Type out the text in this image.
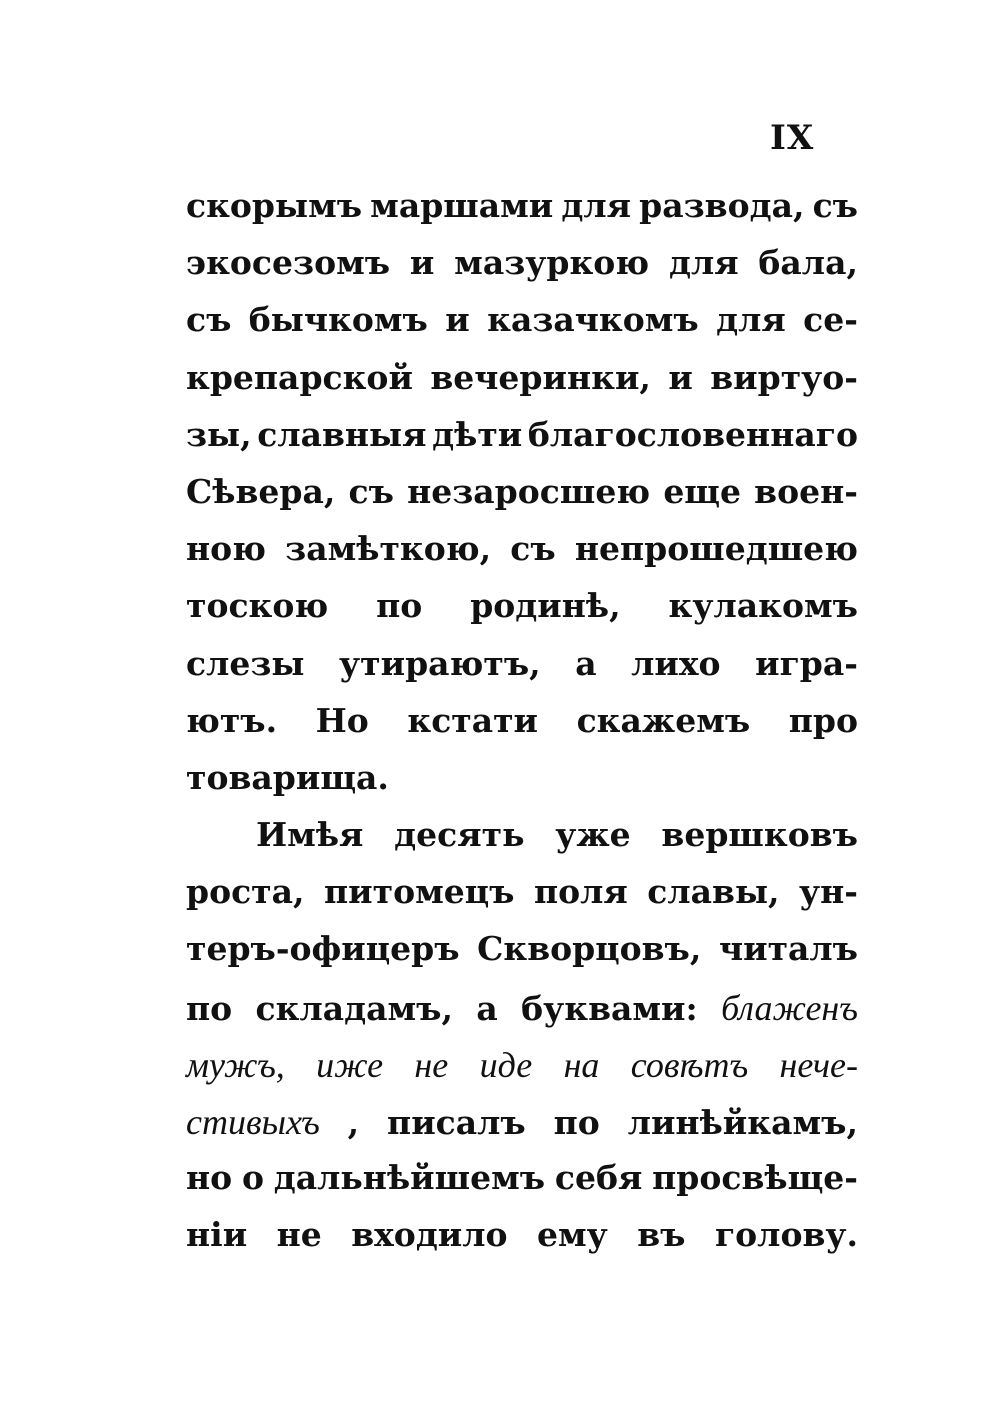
IX
скорымъ маршами для развода, съ
экосезомъ и мазуркою для бала,
съ бычкомъ и казачкомъ для се-
крепарской вечеринки, и виртуо-
зы, славныя дѣти благословеннаго
Сѣвера, съ незаросшею еще воен-
ною замѣткою, съ непрошедшею
тоскою по родинѣ, кулакомъ
слезы утираютъ, а лихо игра-
ютъ. Но кстати скажемъ про
товарища.
Имѣя десять уже вершковъ
роста, питомецъ поля славы, ун-
теръ-офицеръ Скворцовъ, читалъ
по складамъ, а буквами: блаженъ
мужъ, иже не иде на совѣтъ нече-
стивыхъ , писалъ по линѣйкамъ,
но о дальнѣйшемъ себя просвѣще-
нiи не входило ему въ голову.
